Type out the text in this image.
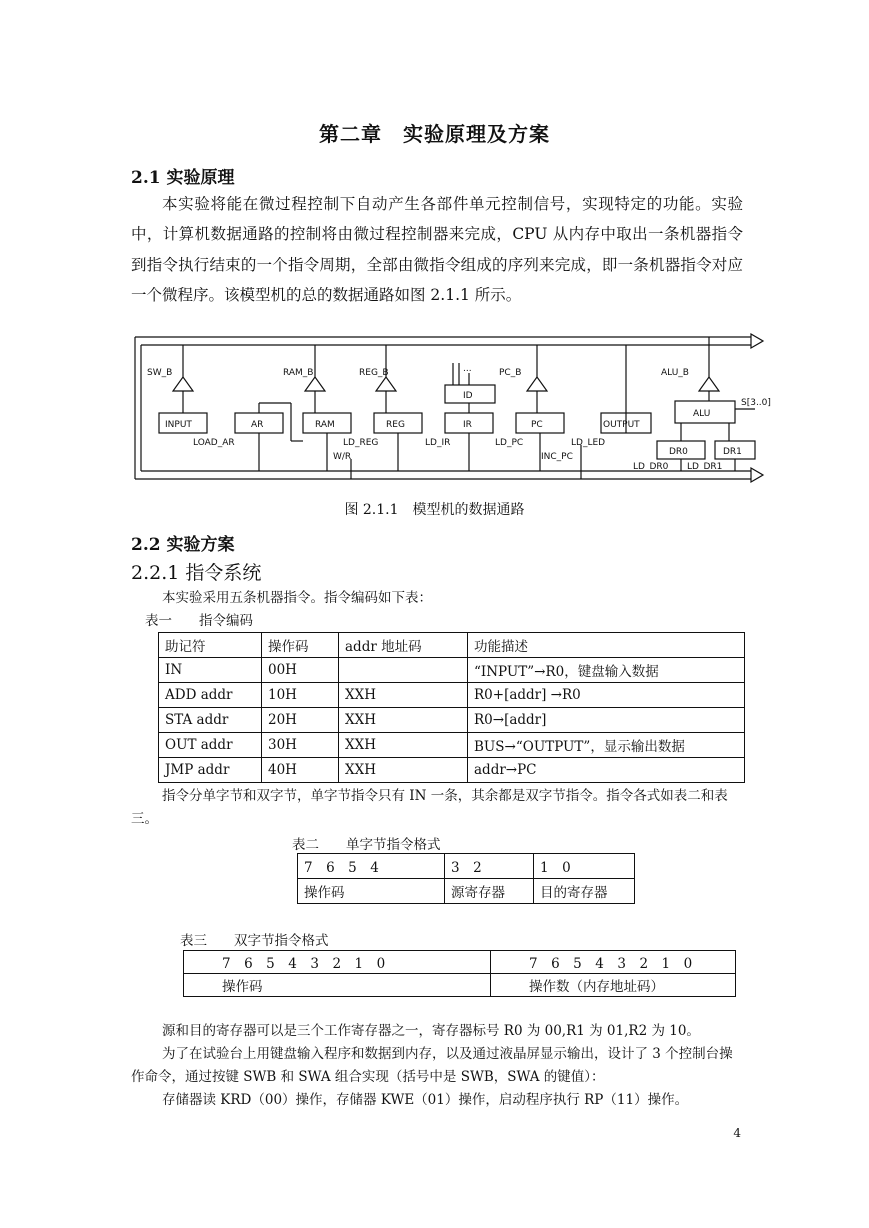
第二章　实验原理及方案
2.1 实验原理

本实验将能在微过程控制下自动产生各部件单元控制信号，实现特定的功能。实验中，计算机数据通路的控制将由微过程控制器来完成，CPU 从内存中取出一条机器指令到指令执行结束的一个指令周期，全部由微指令组成的序列来完成，即一条机器指令对应一个微程序。该模型机的总的数据通路如图 2.1.1 所示。

SW_B	RAM_B	REG_B	PC_B	ALU_B
...
ID
INPUT	AR	RAM	REG	IR	PC	OUTPUT
ALU
S[3..0]
DR0	DR1
LOAD_AR	LD_REG
W/R
LD_IR	LD_PC
INC_PC
LD_LED
LD_DR0 LD_DR1
图 2.1.1　模型机的数据通路
2.2 实验方案
2.2.1 指令系统

本实验采用五条机器指令。指令编码如下表：

表一　　指令编码
助记符	操作码	addr 地址码	功能描述
IN	00H		“INPUT”→R0，键盘输入数据
ADD addr	10H	XXH	R0+[addr] →R0
STA addr	20H	XXH	R0→[addr]
OUT addr	30H	XXH	BUS→“OUTPUT”，显示输出数据
JMP addr	40H	XXH	addr→PC

指令分单字节和双字节，单字节指令只有 IN 一条，其余都是双字节指令。指令各式如表二和表三。

表二　　单字节指令格式
7　6　5　4	3　2	1　0
操作码	源寄存器	目的寄存器
表三　　双字节指令格式
7　6　5　4　3　2　1　0	7　6　5　4　3　2　1　0
操作码	操作数（内存地址码）

源和目的寄存器可以是三个工作寄存器之一，寄存器标号 R0 为 00,R1 为 01,R2 为 10。

为了在试验台上用键盘输入程序和数据到内存，以及通过液晶屏显示输出，设计了 3 个控制台操作命令，通过按键 SWB 和 SWA 组合实现（括号中是 SWB，SWA 的键值）：

存储器读 KRD（00）操作，存储器 KWE（01）操作，启动程序执行 RP（11）操作。

4
